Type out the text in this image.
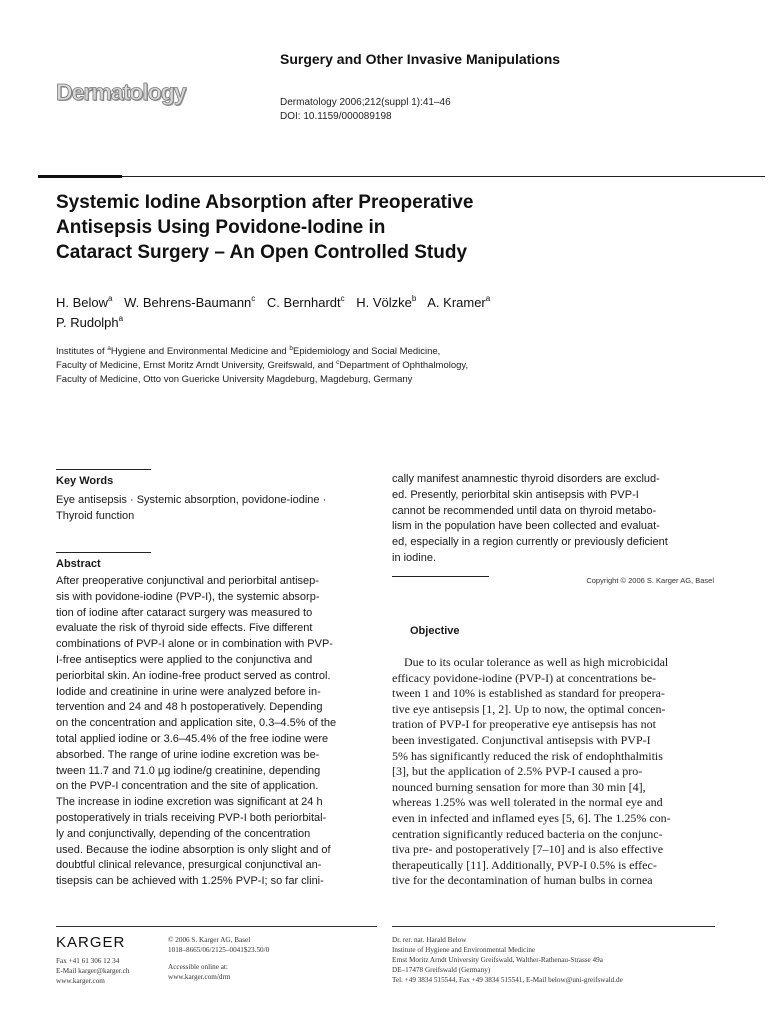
Dermatology
Surgery and Other Invasive Manipulations
Dermatology 2006;212(suppl 1):41–46
DOI: 10.1159/000089198
Systemic Iodine Absorption after Preoperative
Antisepsis Using Povidone-Iodine in
Cataract Surgery – An Open Controlled Study
H. Below$^a$ W. Behrens-Baumann$^c$ C. Bernhardt$^c$ H. Völzke$^b$ A. Kramer$^a$
P. Rudolph$^a$
Institutes of $^a$Hygiene and Environmental Medicine and $^b$Epidemiology and Social Medicine,
Faculty of Medicine, Ernst Moritz Arndt University, Greifswald, and $^c$Department of Ophthalmology,
Faculty of Medicine, Otto von Guericke University Magdeburg, Magdeburg, Germany
Key Words
Eye antisepsis · Systemic absorption, povidone-iodine ·
Thyroid function
Abstract
After preoperative conjunctival and periorbital antisep-
sis with povidone-iodine (PVP-I), the systemic absorp-
tion of iodine after cataract surgery was measured to
evaluate the risk of thyroid side effects. Five different
combinations of PVP-I alone or in combination with PVP-
I-free antiseptics were applied to the conjunctiva and
periorbital skin. An iodine-free product served as control.
Iodide and creatinine in urine were analyzed before in-
tervention and 24 and 48 h postoperatively. Depending
on the concentration and application site, 0.3–4.5% of the
total applied iodine or 3.6–45.4% of the free iodine were
absorbed. The range of urine iodine excretion was be-
tween 11.7 and 71.0 µg iodine/g creatinine, depending
on the PVP-I concentration and the site of application.
The increase in iodine excretion was significant at 24 h
postoperatively in trials receiving PVP-I both periorbital-
ly and conjunctivally, depending of the concentration
used. Because the iodine absorption is only slight and of
doubtful clinical relevance, presurgical conjunctival an-
tisepsis can be achieved with 1.25% PVP-I; so far clini-
cally manifest anamnestic thyroid disorders are exclud-
ed. Presently, periorbital skin antisepsis with PVP-I
cannot be recommended until data on thyroid metabo-
lism in the population have been collected and evaluat-
ed, especially in a region currently or previously deficient
in iodine.
Copyright © 2006 S. Karger AG, Basel
Objective
Due to its ocular tolerance as well as high microbicidal
efficacy povidone-iodine (PVP-I) at concentrations be-
tween 1 and 10% is established as standard for preopera-
tive eye antisepsis [1, 2]. Up to now, the optimal concen-
tration of PVP-I for preoperative eye antisepsis has not
been investigated. Conjunctival antisepsis with PVP-I
5% has significantly reduced the risk of endophthalmitis
[3], but the application of 2.5% PVP-I caused a pro-
nounced burning sensation for more than 30 min [4],
whereas 1.25% was well tolerated in the normal eye and
even in infected and inflamed eyes [5, 6]. The 1.25% con-
centration significantly reduced bacteria on the conjunc-
tiva pre- and postoperatively [7–10] and is also effective
therapeutically [11]. Additionally, PVP-I 0.5% is effec-
tive for the decontamination of human bulbs in cornea
KARGER
Fax +41 61 306 12 34
E-Mail karger@karger.ch
www.karger.com
© 2006 S. Karger AG, Basel
1018–8665/06/2125–0041$23.50/0
Accessible online at:
www.karger.com/drm
Dr. rer. nat. Harald Below
Institute of Hygiene and Environmental Medicine
Ernst Moritz Arndt University Greifswald, Walther-Rathenau-Strasse 49a
DE–17478 Greifswald (Germany)
Tel. +49 3834 515544, Fax +49 3834 515541, E-Mail below@uni-greifswald.de
